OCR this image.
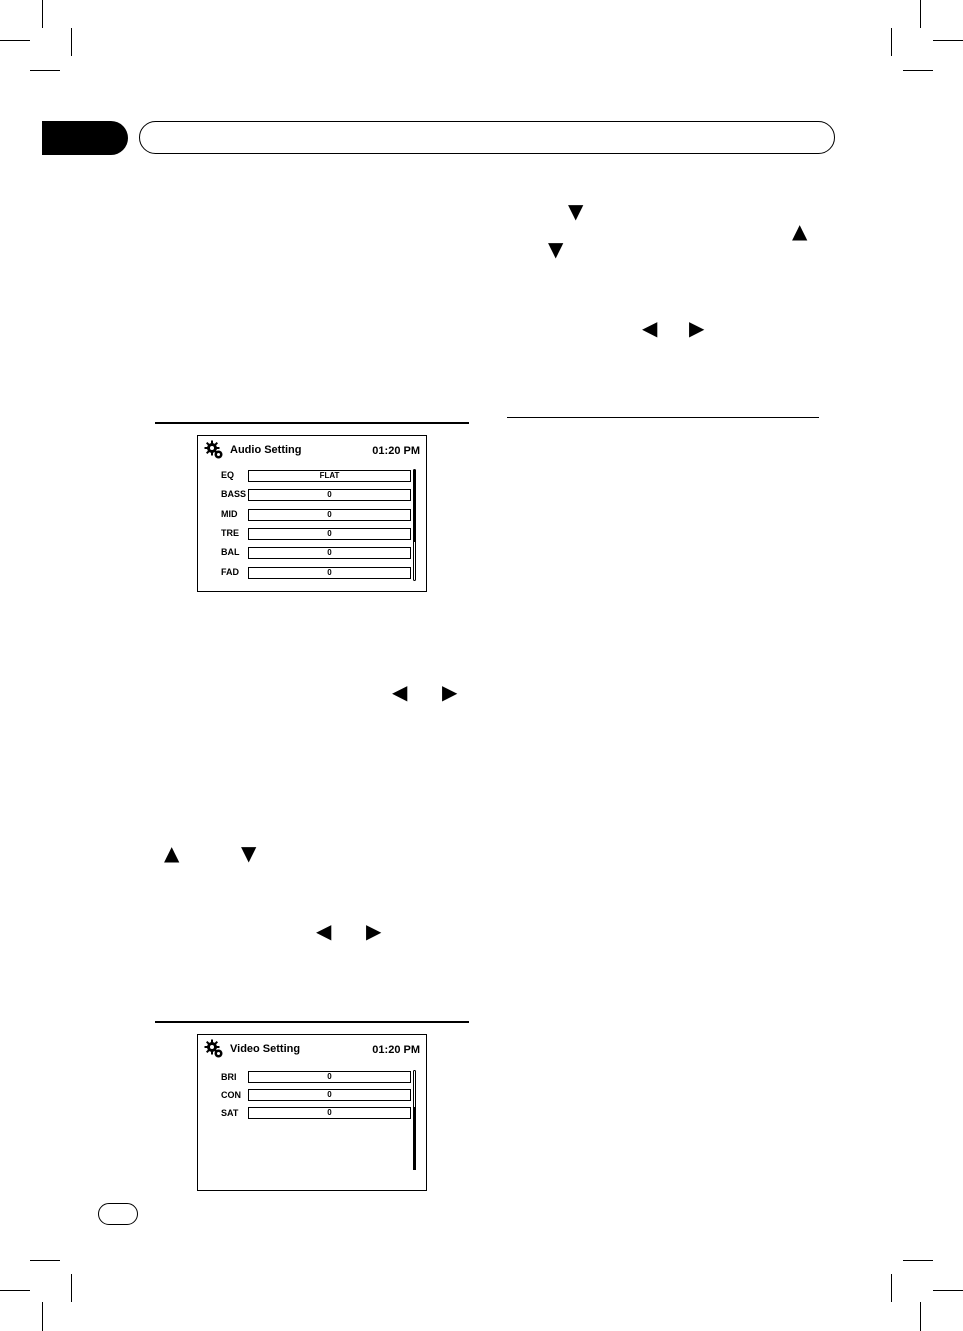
▼
▲
▼
◀ ▶
Audio Setting	01:20 PM
EQ	FLAT
BASS	0
MID	0
TRE	0
BAL	0
FAD	0
◀ ▶
▲	▼
◀ ▶
Video Setting	01:20 PM
BRI	0
CON	0
SAT	0
